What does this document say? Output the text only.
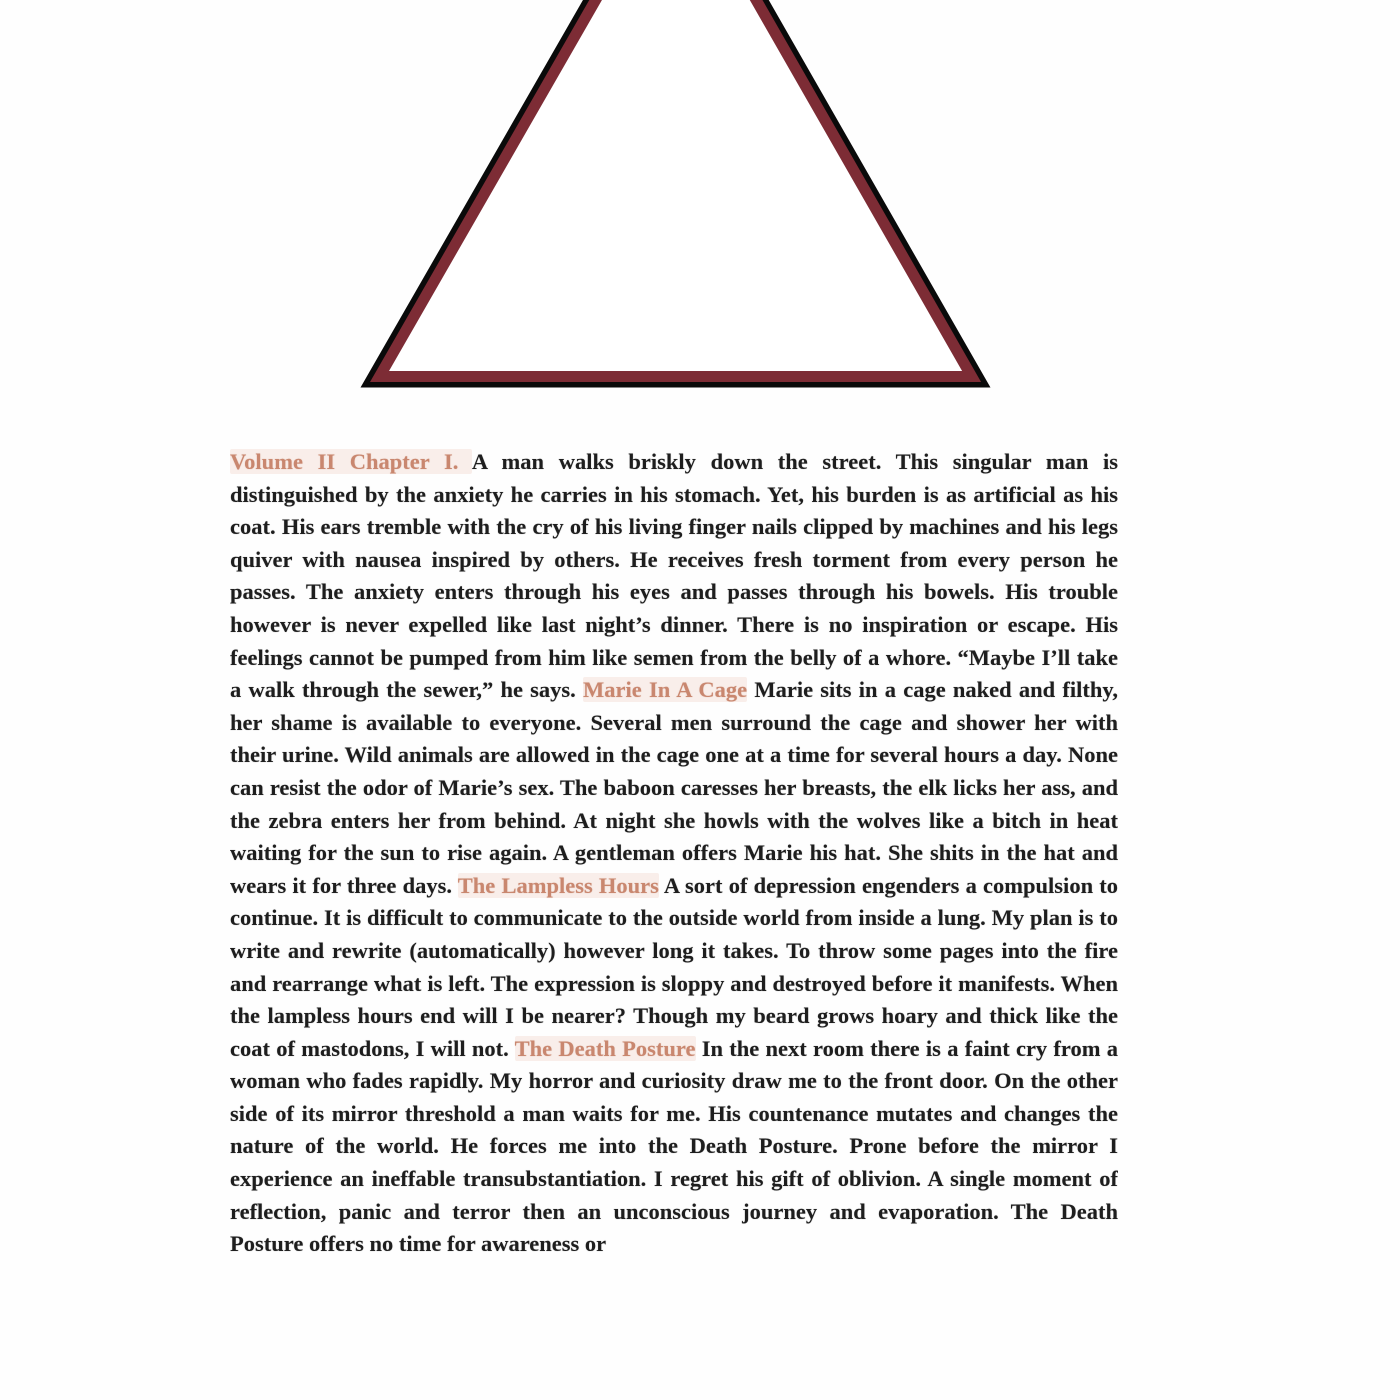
Volume II Chapter I. A man walks briskly down the street. This singular man is distinguished by the anxiety he carries in his stomach. Yet, his burden is as artificial as his coat. His ears tremble with the cry of his living finger nails clipped by machines and his legs quiver with nausea inspired by others. He receives fresh torment from every person he passes. The anxiety enters through his eyes and passes through his bowels. His trouble however is never expelled like last night’s dinner. There is no inspiration or escape. His feelings cannot be pumped from him like semen from the belly of a whore. “Maybe I’ll take a walk through the sewer,” he says. Marie In A Cage Marie sits in a cage naked and filthy, her shame is available to everyone. Several men surround the cage and shower her with their urine. Wild animals are allowed in the cage one at a time for several hours a day. None can resist the odor of Marie’s sex. The baboon caresses her breasts, the elk licks her ass, and the zebra enters her from behind. At night she howls with the wolves like a bitch in heat waiting for the sun to rise again. A gentleman offers Marie his hat. She shits in the hat and wears it for three days. The Lampless Hours A sort of depression engenders a compulsion to continue. It is difficult to communicate to the outside world from inside a lung. My plan is to write and rewrite (automatically) however long it takes. To throw some pages into the fire and rearrange what is left. The expression is sloppy and destroyed before it manifests. When the lampless hours end will I be nearer? Though my beard grows hoary and thick like the coat of mastodons, I will not. The Death Posture In the next room there is a faint cry from a woman who fades rapidly. My horror and curiosity draw me to the front door. On the other side of its mirror threshold a man waits for me. His countenance mutates and changes the nature of the world. He forces me into the Death Posture. Prone before the mirror I experience an ineffable transubstantiation. I regret his gift of oblivion. A single moment of reflection, panic and terror then an unconscious journey and evaporation. The Death Posture offers no time for awareness or
